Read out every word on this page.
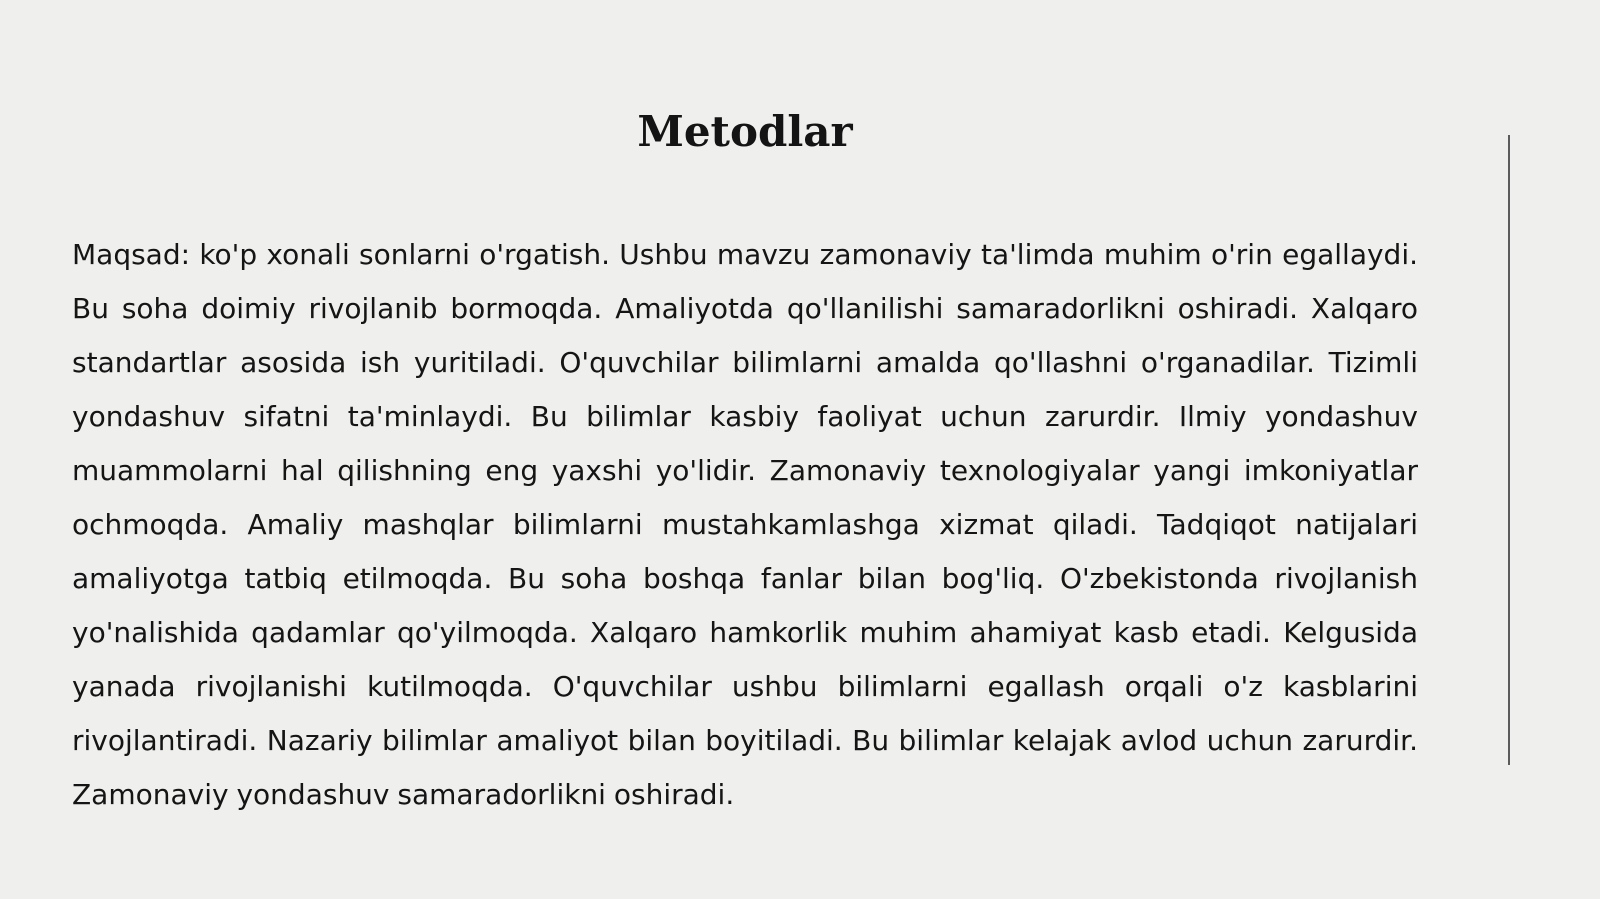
Metodlar

Maqsad: ko'p xonali sonlarni o'rgatish. Ushbu mavzu zamonaviy ta'limda muhim o'rin egallaydi. Bu soha doimiy rivojlanib bormoqda. Amaliyotda qo'llanilishi samaradorlikni oshiradi. Xalqaro standartlar asosida ish yuritiladi. O'quvchilar bilimlarni amalda qo'llashni o'rganadilar. Tizimli yondashuv sifatni ta'minlaydi. Bu bilimlar kasbiy faoliyat uchun zarurdir. Ilmiy yondashuv muammolarni hal qilishning eng yaxshi yo'lidir. Zamonaviy texnologiyalar yangi imkoniyatlar ochmoqda. Amaliy mashqlar bilimlarni mustahkamlashga xizmat qiladi. Tadqiqot natijalari amaliyotga tatbiq etilmoqda. Bu soha boshqa fanlar bilan bog'liq. O'zbekistonda rivojlanish yo'nalishida qadamlar qo'yilmoqda. Xalqaro hamkorlik muhim ahamiyat kasb etadi. Kelgusida yanada rivojlanishi kutilmoqda. O'quvchilar ushbu bilimlarni egallash orqali o'z kasblarini rivojlantiradi. Nazariy bilimlar amaliyot bilan boyitiladi. Bu bilimlar kelajak avlod uchun zarurdir. Zamonaviy yondashuv samaradorlikni oshiradi.
